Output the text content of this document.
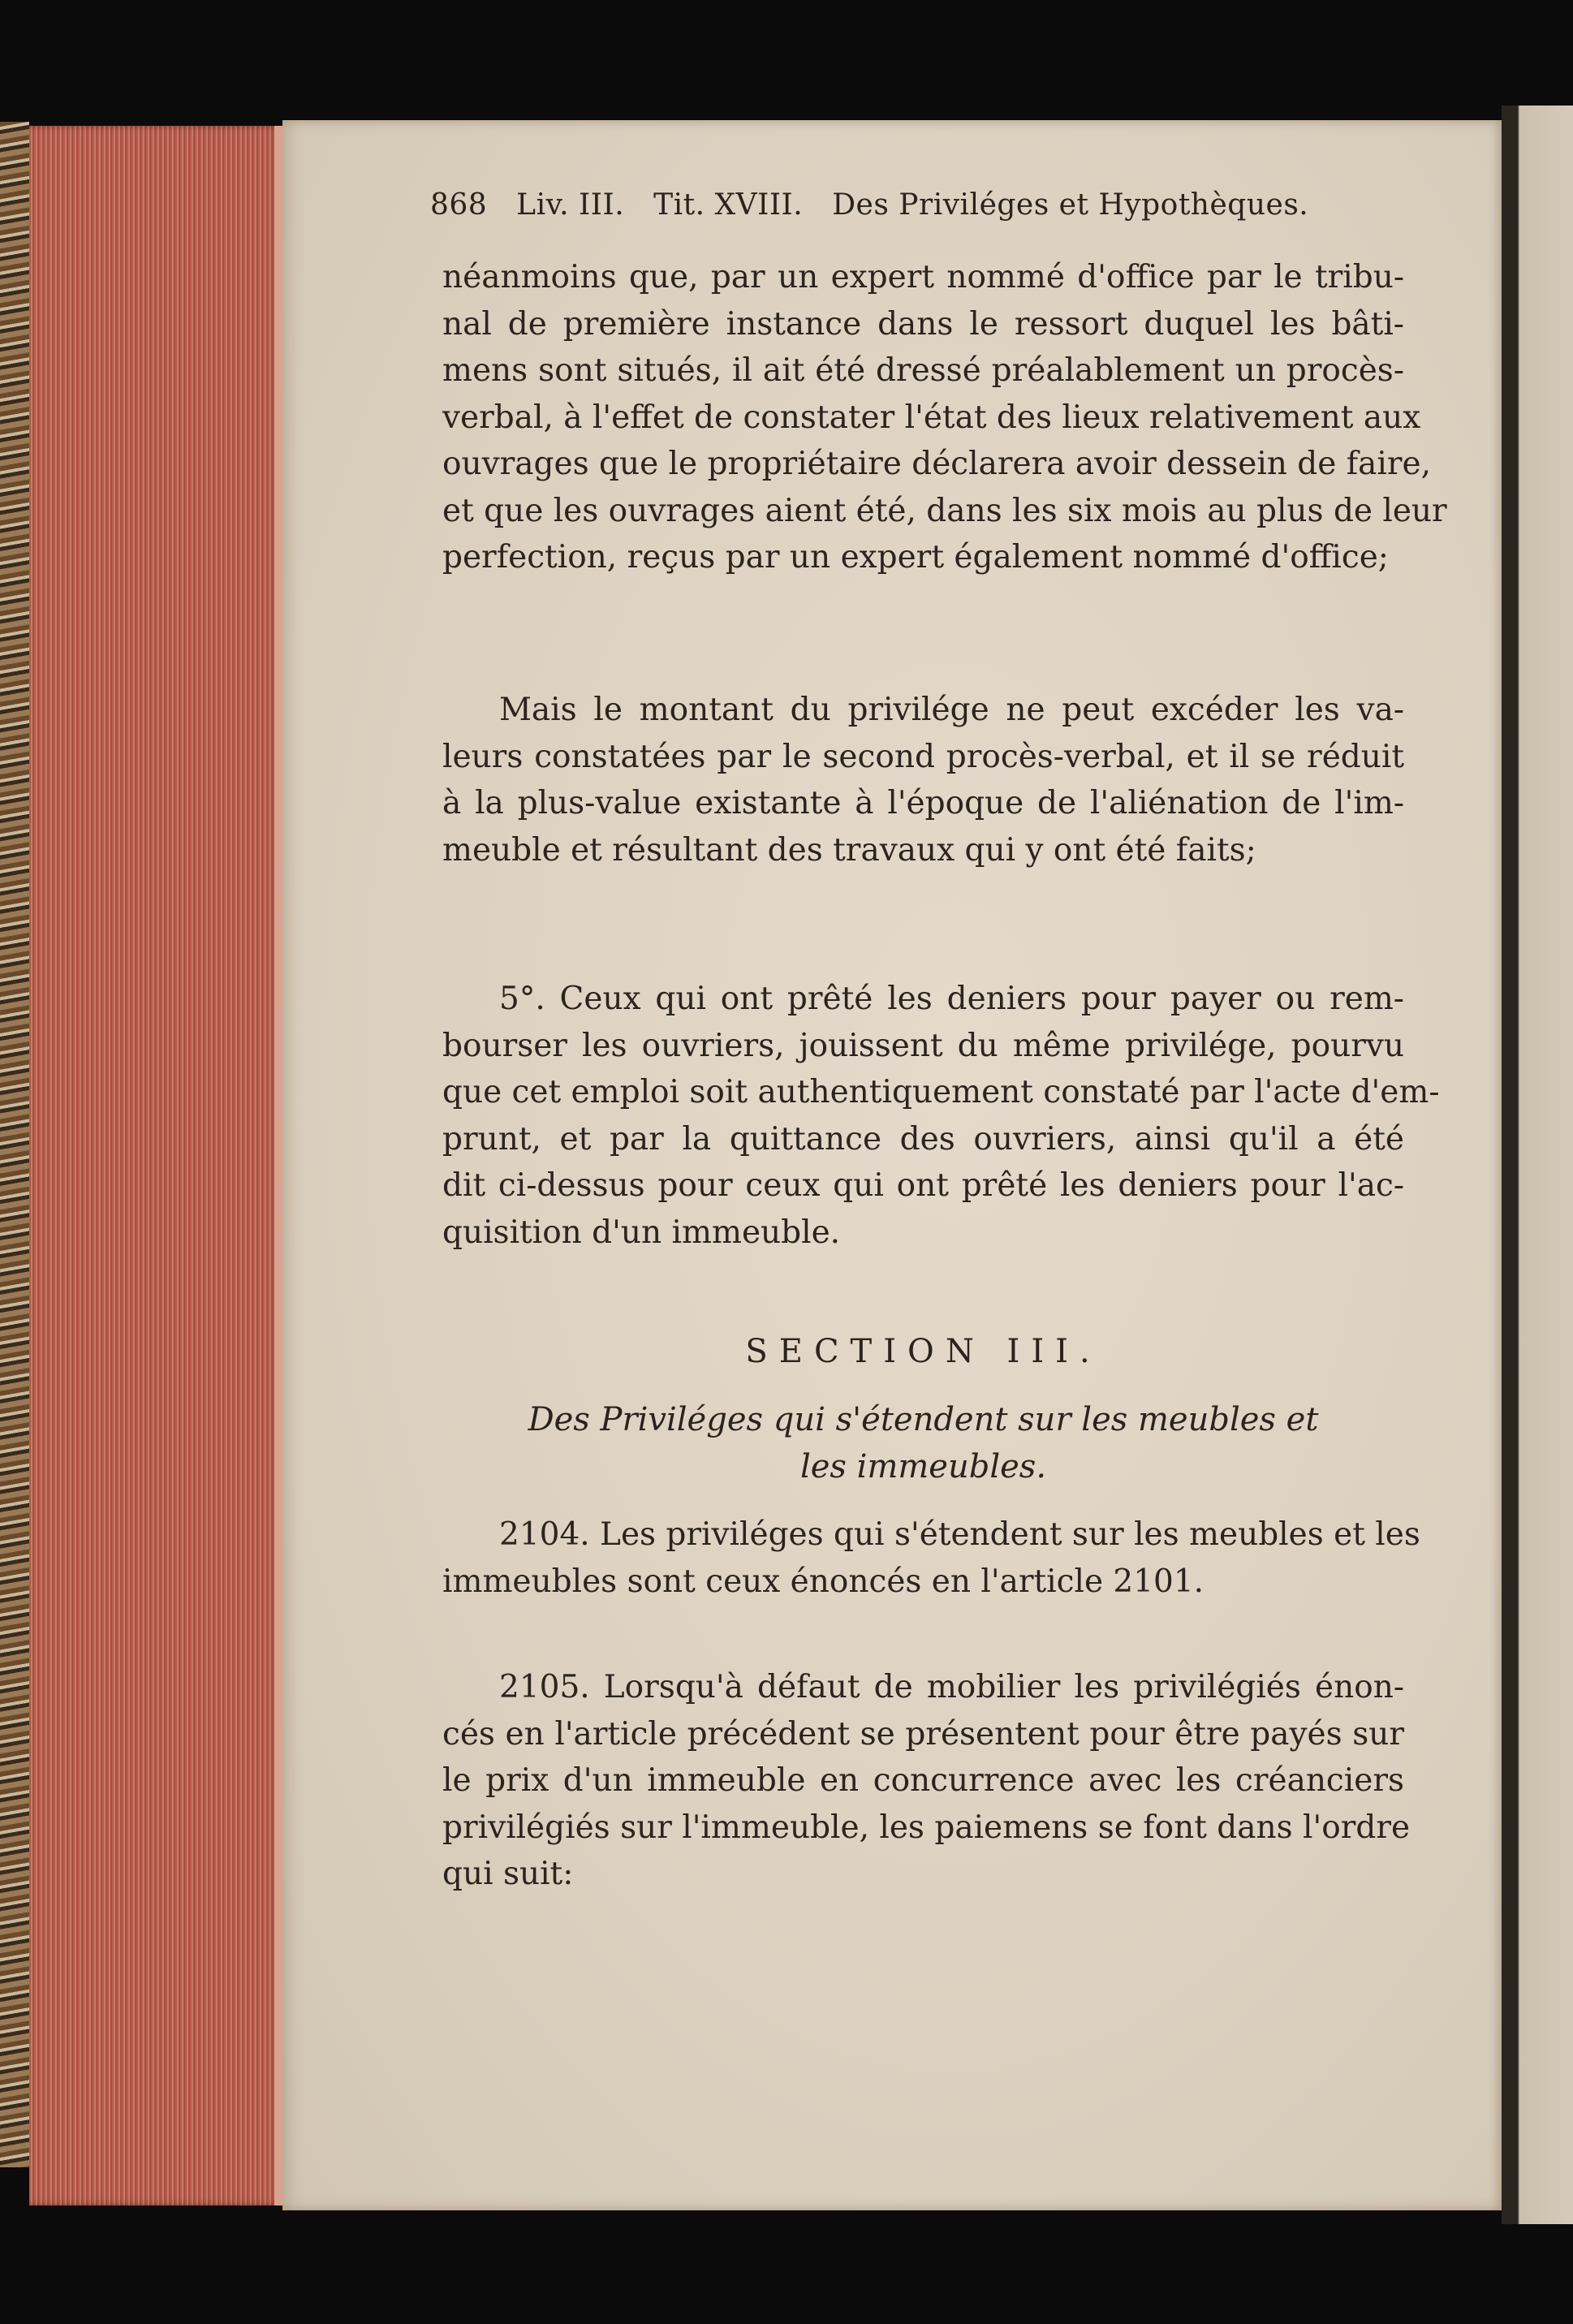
868 Liv. III. Tit. XVIII. Des Priviléges et Hypothèques.
néanmoins que, par un expert nommé d'office par le tribu-
nal de première instance dans le ressort duquel les bâti-
mens sont situés, il ait été dressé préalablement un procès-
verbal, à l'effet de constater l'état des lieux relativement aux
ouvrages que le propriétaire déclarera avoir dessein de faire,
et que les ouvrages aient été, dans les six mois au plus de leur
perfection, reçus par un expert également nommé d'office;
Mais le montant du privilége ne peut excéder les va-
leurs constatées par le second procès-verbal, et il se réduit
à la plus-value existante à l'époque de l'aliénation de l'im-
meuble et résultant des travaux qui y ont été faits;
5°. Ceux qui ont prêté les deniers pour payer ou rem-
bourser les ouvriers, jouissent du même privilége, pourvu
que cet emploi soit authentiquement constaté par l'acte d'em-
prunt, et par la quittance des ouvriers, ainsi qu'il a été
dit ci-dessus pour ceux qui ont prêté les deniers pour l'ac-
quisition d'un immeuble.
SECTION III.
Des Priviléges qui s'étendent sur les meubles et
les immeubles.
2104. Les priviléges qui s'étendent sur les meubles et les
immeubles sont ceux énoncés en l'article 2101.
2105. Lorsqu'à défaut de mobilier les privilégiés énon-
cés en l'article précédent se présentent pour être payés sur
le prix d'un immeuble en concurrence avec les créanciers
privilégiés sur l'immeuble, les paiemens se font dans l'ordre
qui suit:
